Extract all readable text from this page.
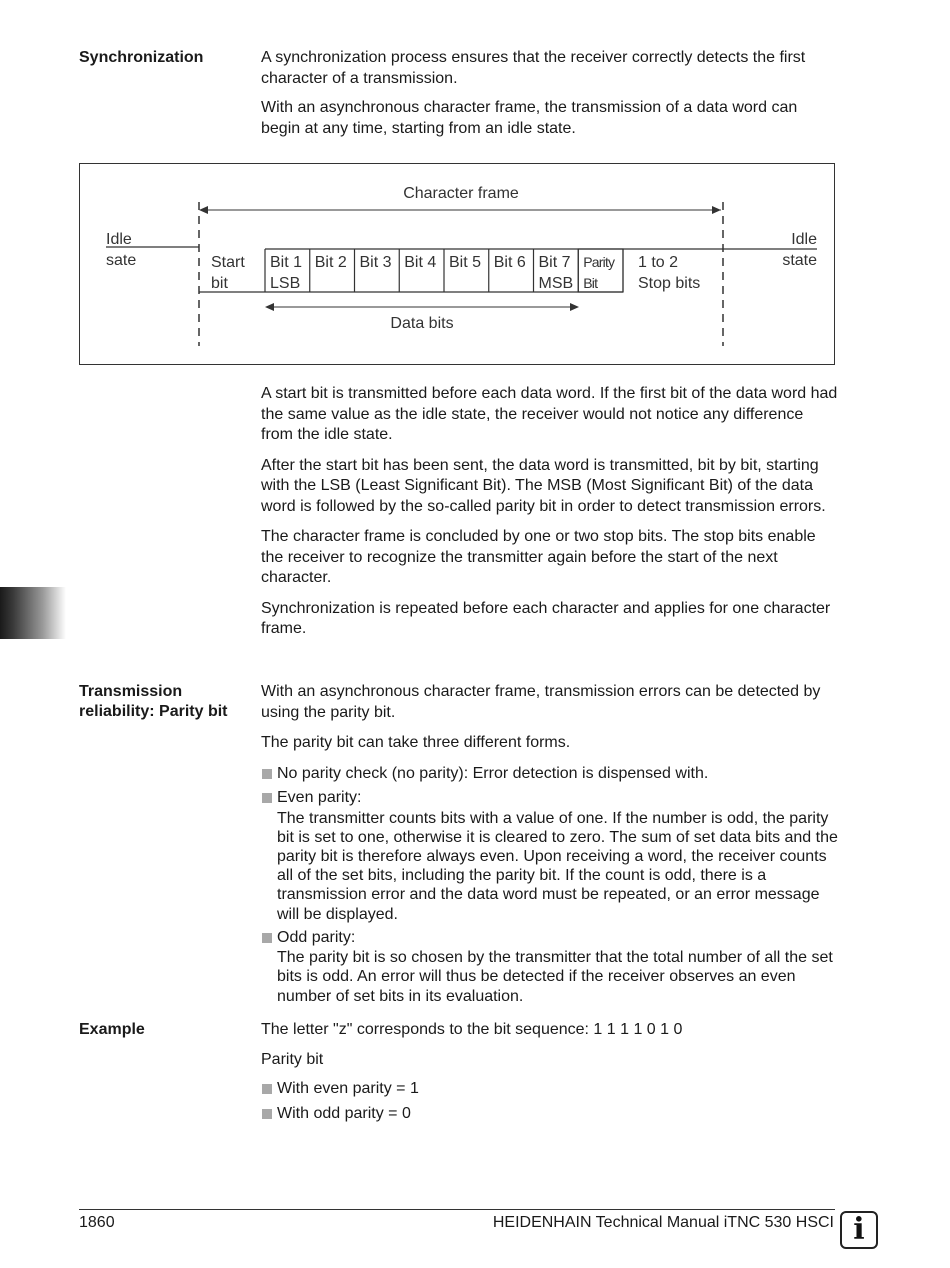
Synchronization	A synchronization process ensures that the receiver correctly detects the first character of a transmission.

With an asynchronous character frame, the transmission of a data word can begin at any time, starting from an idle state.

Character frame
Idle
sate
Idle
state
Start
bit
Bit 1
LSB
Bit 2 Bit 3 Bit 4 Bit 5 Bit 6 Bit 7
MSB
Parity
Bit
1 to 2
Stop bits
Data bits

A start bit is transmitted before each data word. If the first bit of the data word had the same value as the idle state, the receiver would not notice any difference from the idle state.

After the start bit has been sent, the data word is transmitted, bit by bit, starting with the LSB (Least Significant Bit). The MSB (Most Significant Bit) of the data word is followed by the so-called parity bit in order to detect transmission errors.

The character frame is concluded by one or two stop bits. The stop bits enable the receiver to recognize the transmitter again before the start of the next character.

Synchronization is repeated before each character and applies for one character frame.

Transmission reliability: Parity bit

With an asynchronous character frame, transmission errors can be detected by using the parity bit.

The parity bit can take three different forms.

No parity check (no parity): Error detection is dispensed with.
Even parity:
The transmitter counts bits with a value of one. If the number is odd, the parity bit is set to one, otherwise it is cleared to zero. The sum of set data bits and the parity bit is therefore always even. Upon receiving a word, the receiver counts all of the set bits, including the parity bit. If the count is odd, there is a transmission error and the data word must be repeated, or an error message will be displayed.
Odd parity:
The parity bit is so chosen by the transmitter that the total number of all the set bits is odd. An error will thus be detected if the receiver observes an even number of set bits in its evaluation.
Example	The letter "z" corresponds to the bit sequence: 1 1 1 1 0 1 0

Parity bit

With even parity = 1
With odd parity = 0
1860	HEIDENHAIN Technical Manual iTNC 530 HSCI i
